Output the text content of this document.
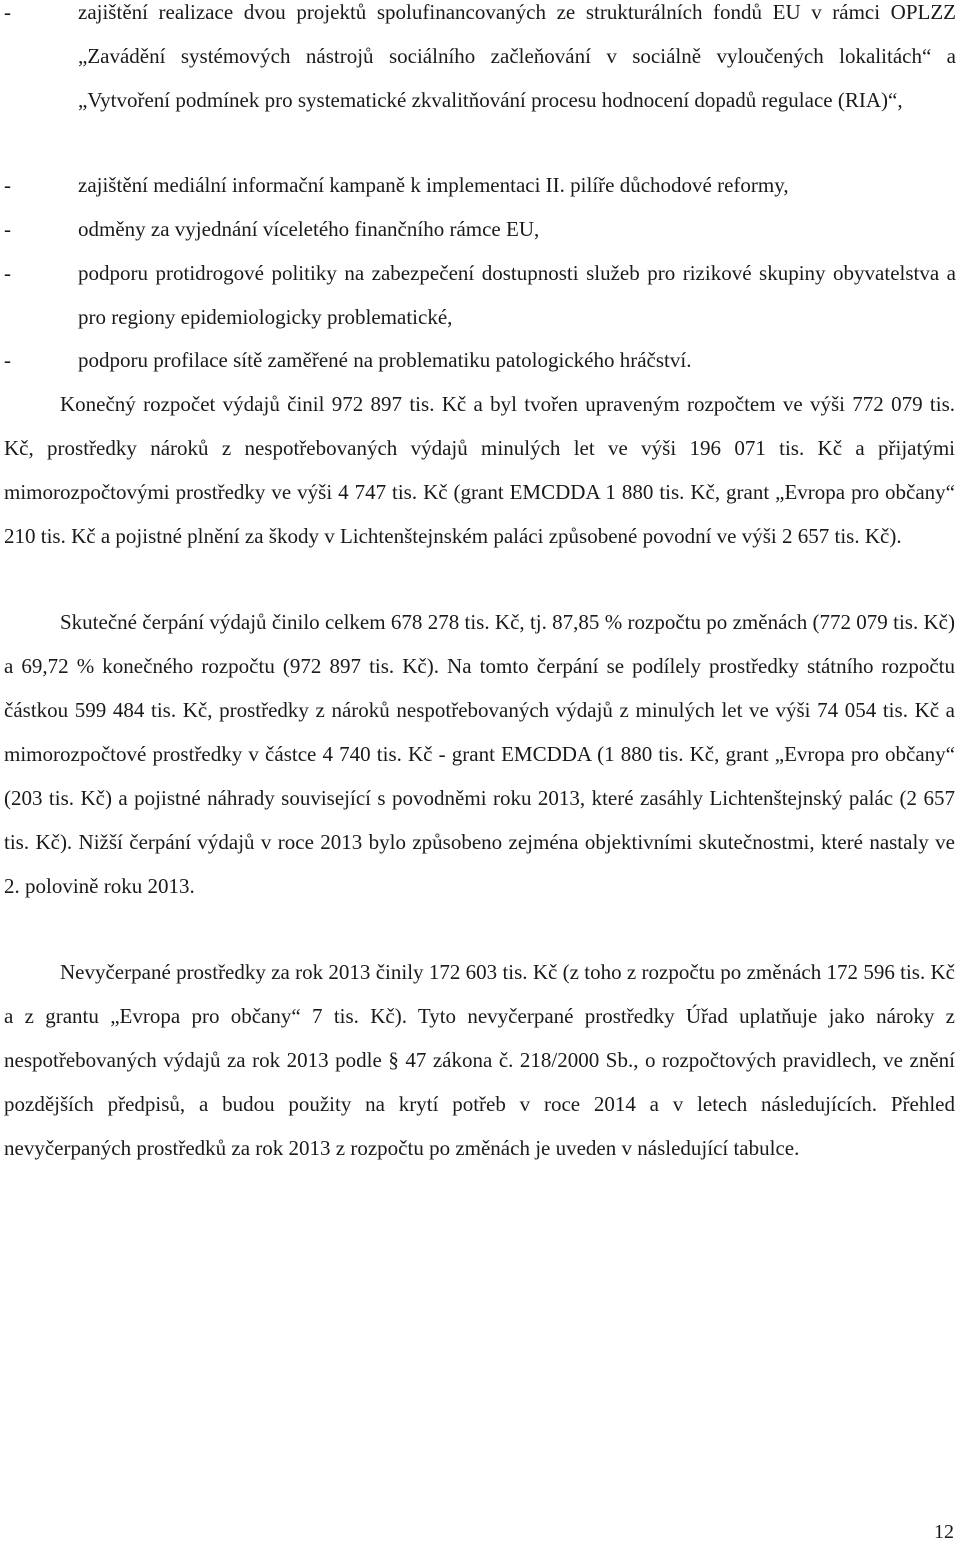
-	zajištění realizace dvou projektů spolufinancovaných ze strukturálních fondů EU v rámci OPLZZ „Zavádění systémových nástrojů sociálního začleňování v sociálně vyloučených lokalitách“ a „Vytvoření podmínek pro systematické zkvalitňování procesu hodnocení dopadů regulace (RIA)“,
-	zajištění mediální informační kampaně k implementaci II. pilíře důchodové reformy,
-	odměny za vyjednání víceletého finančního rámce EU,
-	podporu protidrogové politiky na zabezpečení dostupnosti služeb pro rizikové skupiny obyvatelstva a pro regiony epidemiologicky problematické,
-	podporu profilace sítě zaměřené na problematiku patologického hráčství.

Konečný rozpočet výdajů činil 972 897 tis. Kč a byl tvořen upraveným rozpočtem ve výši 772 079 tis. Kč, prostředky nároků z nespotřebovaných výdajů minulých let ve výši 196 071 tis. Kč a přijatými mimorozpočtovými prostředky ve výši 4 747 tis. Kč (grant EMCDDA 1 880 tis. Kč, grant „Evropa pro občany“ 210 tis. Kč a pojistné plnění za škody v Lichtenštejnském paláci způsobené povodní ve výši 2 657 tis. Kč).

Skutečné čerpání výdajů činilo celkem 678 278 tis. Kč, tj. 87,85 % rozpočtu po změnách (772 079 tis. Kč) a 69,72 % konečného rozpočtu (972 897 tis. Kč). Na tomto čerpání se podílely prostředky státního rozpočtu částkou 599 484 tis. Kč, prostředky z nároků nespotřebovaných výdajů z minulých let ve výši 74 054 tis. Kč a mimorozpočtové prostředky v částce 4 740 tis. Kč - grant EMCDDA (1 880 tis. Kč, grant „Evropa pro občany“ (203 tis. Kč) a pojistné náhrady související s povodněmi roku 2013, které zasáhly Lichtenštejnský palác (2 657 tis. Kč). Nižší čerpání výdajů v roce 2013 bylo způsobeno zejména objektivními skutečnostmi, které nastaly ve 2. polovině roku 2013.

Nevyčerpané prostředky za rok 2013 činily 172 603 tis. Kč (z toho z rozpočtu po změnách 172 596 tis. Kč a z grantu „Evropa pro občany“ 7 tis. Kč). Tyto nevyčerpané prostředky Úřad uplatňuje jako nároky z nespotřebovaných výdajů za rok 2013 podle § 47 zákona č. 218/2000 Sb., o rozpočtových pravidlech, ve znění pozdějších předpisů, a budou použity na krytí potřeb v roce 2014 a v letech následujících. Přehled nevyčerpaných prostředků za rok 2013 z rozpočtu po změnách je uveden v následující tabulce.

12
